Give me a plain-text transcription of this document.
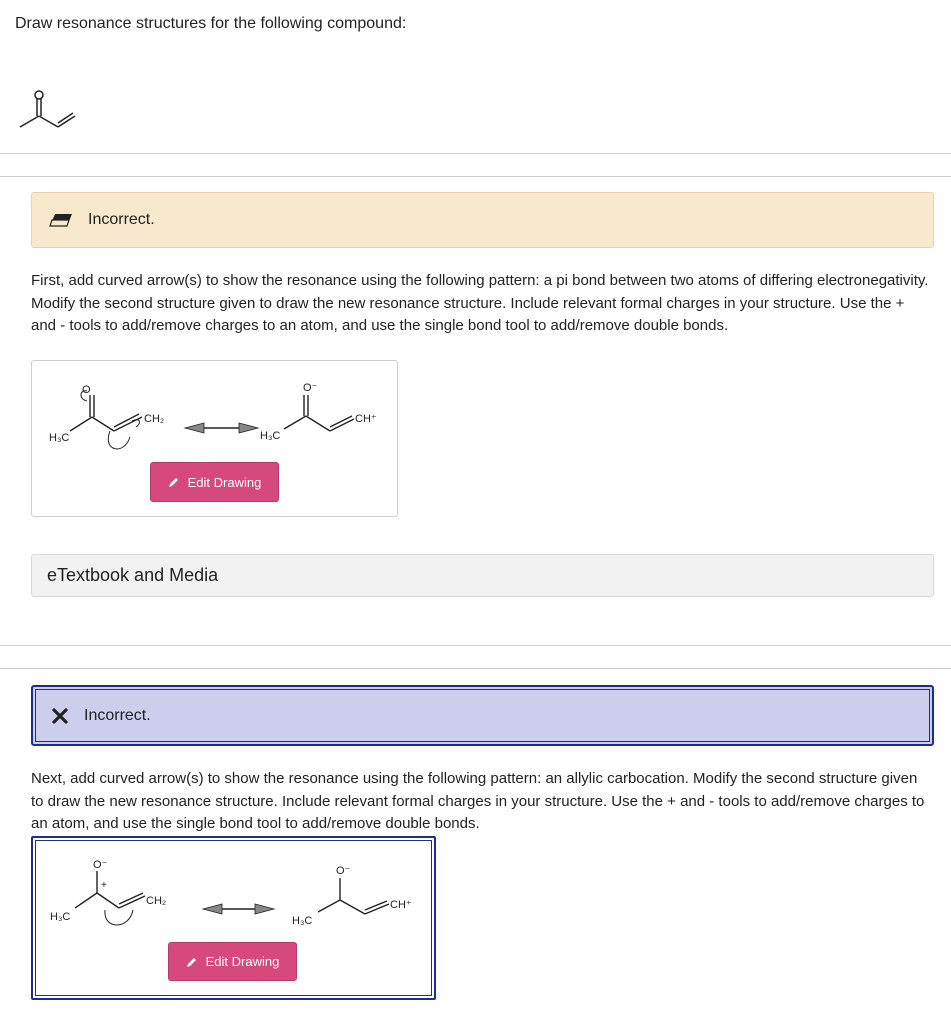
Draw resonance structures for the following compound:
Incorrect.
First, add curved arrow(s) to show the resonance using the following pattern: a pi bond between two atoms of differing electronegativity. Modify the second structure given to draw the new resonance structure. Include relevant formal charges in your structure. Use the + and - tools to add/remove charges to an atom, and use the single bond tool to add/remove double bonds.
O
H₃C
CH₂
O⁻
H₃C
CH⁺
Edit Drawing
eTextbook and Media
Incorrect.
Next, add curved arrow(s) to show the resonance using the following pattern: an allylic carbocation. Modify the second structure given to draw the new resonance structure. Include relevant formal charges in your structure. Use the + and - tools to add/remove charges to an atom, and use the single bond tool to add/remove double bonds.
O⁻
+
H₃C
CH₂
O⁻
H₃C
CH⁺
Edit Drawing
